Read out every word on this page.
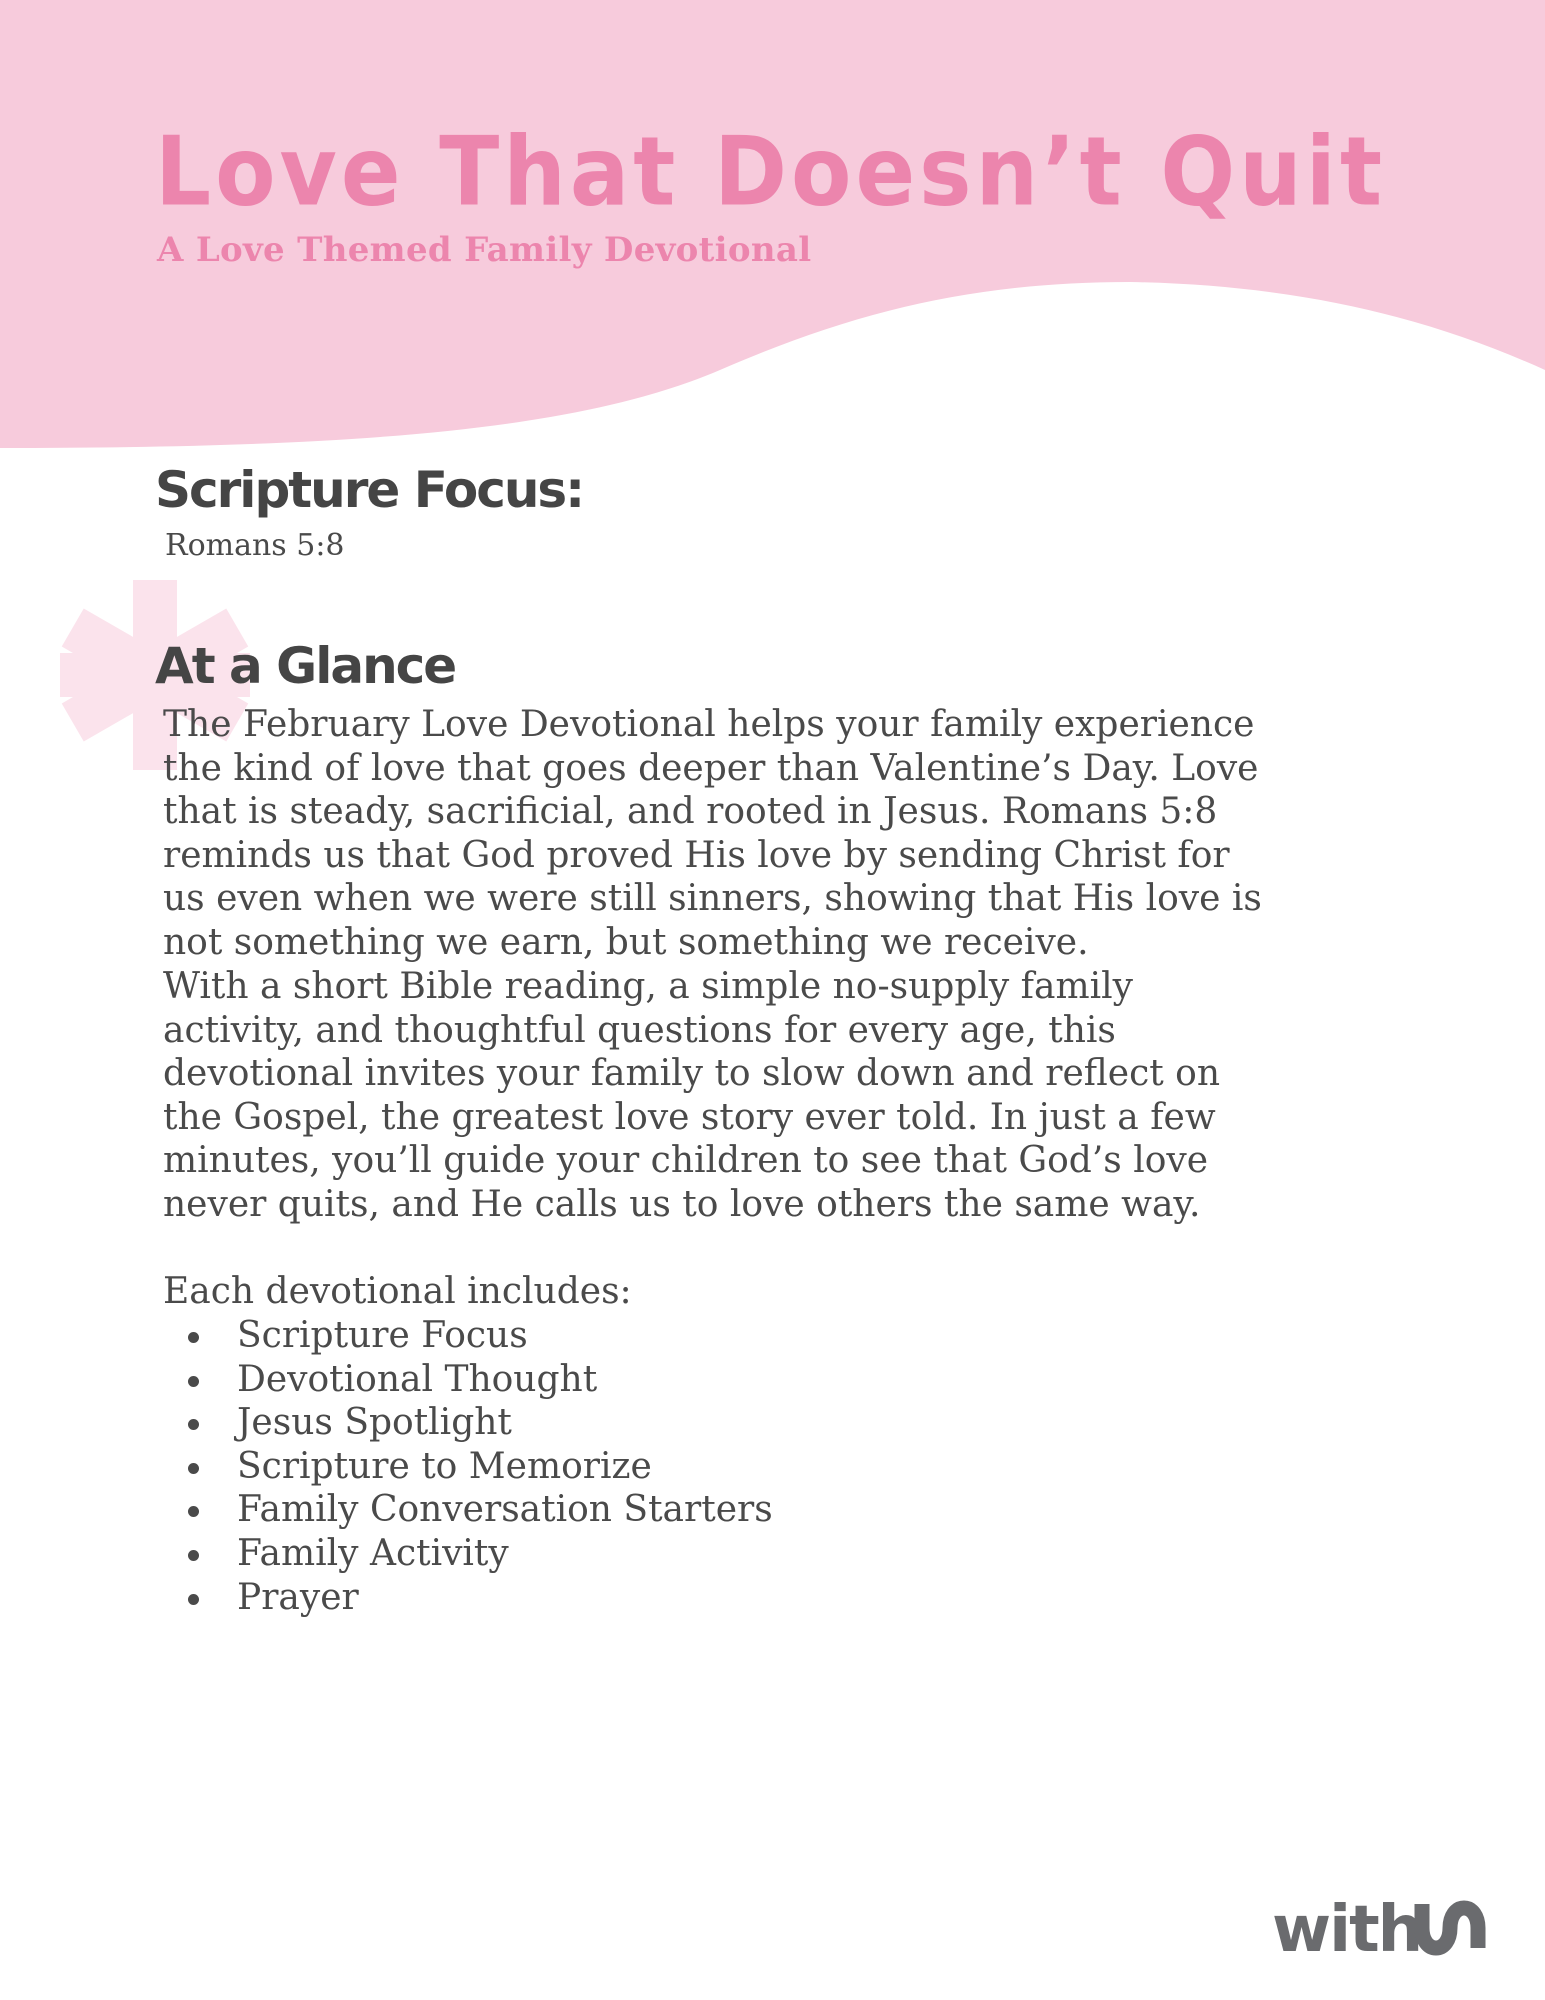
Love That Doesn’t Quit
A Love Themed Family Devotional
Scripture Focus:
Romans 5:8
At a Glance

The February Love Devotional helps your family experience
the kind of love that goes deeper than Valentine’s Day. Love
that is steady, sacrificial, and rooted in Jesus. Romans 5:8
reminds us that God proved His love by sending Christ for
us even when we were still sinners, showing that His love is
not something we earn, but something we receive.

With a short Bible reading, a simple no-supply family
activity, and thoughtful questions for every age, this
devotional invites your family to slow down and reflect on
the Gospel, the greatest love story ever told. In just a few
minutes, you’ll guide your children to see that God’s love
never quits, and He calls us to love others the same way.

Each devotional includes:
Scripture Focus
Devotional Thought
Jesus Spotlight
Scripture to Memorize
Family Conversation Starters
Family Activity
Prayer
with
